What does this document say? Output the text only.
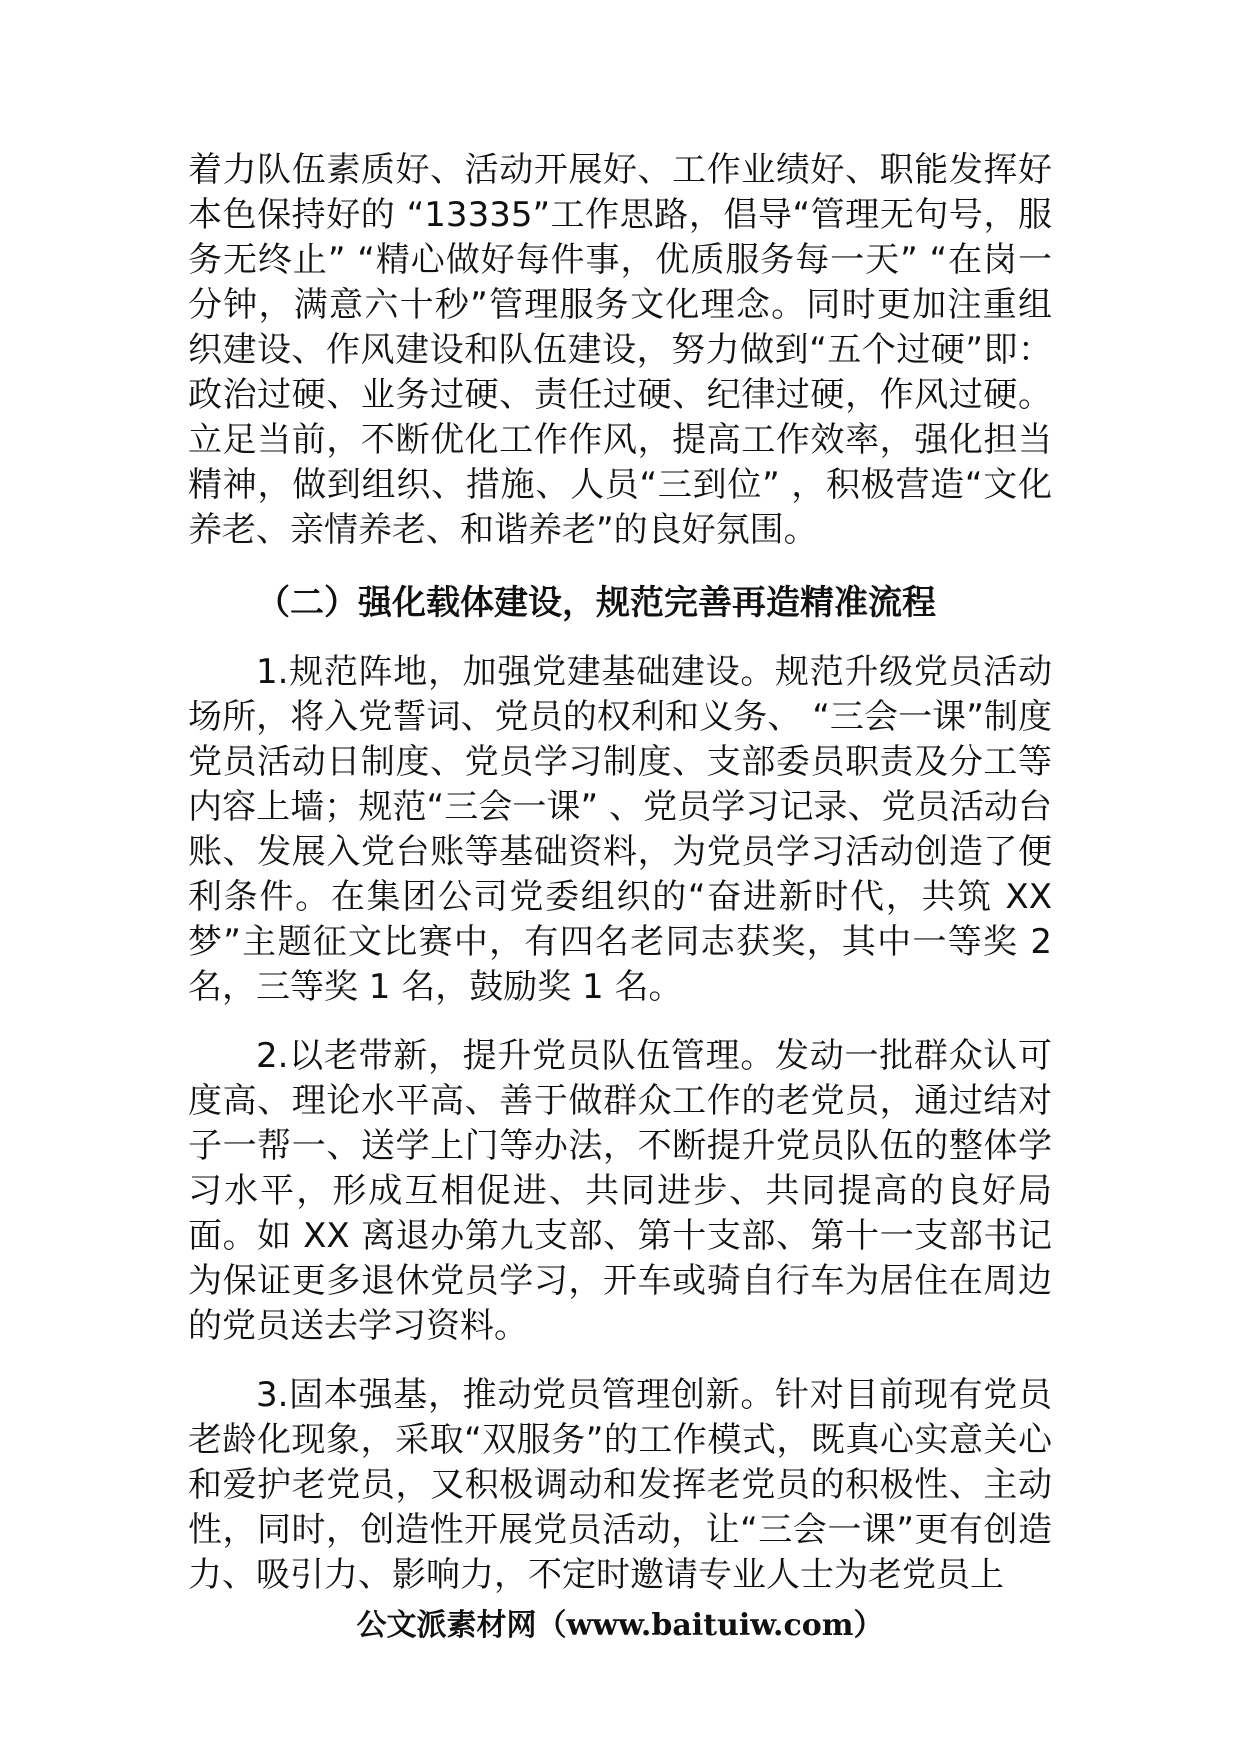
着力队伍素质好、活动开展好、工作业绩好、职能发挥好本色保持好的 “13335”工作思路，倡导“管理无句号，服务无终止” “精心做好每件事，优质服务每一天” “在岗一分钟，满意六十秒”管理服务文化理念。同时更加注重组织建设、作风建设和队伍建设，努力做到“五个过硬”即：政治过硬、业务过硬、责任过硬、纪律过硬，作风过硬。立足当前，不断优化工作作风，提高工作效率，强化担当精神，做到组织、措施、人员“三到位” ，积极营造“文化养老、亲情养老、和谐养老”的良好氛围。

（二）强化载体建设，规范完善再造精准流程

1.规范阵地，加强党建基础建设。规范升级党员活动场所，将入党誓词、党员的权利和义务、 “三会一课”制度党员活动日制度、党员学习制度、支部委员职责及分工等内容上墙；规范“三会一课” 、党员学习记录、党员活动台账、发展入党台账等基础资料，为党员学习活动创造了便利条件。在集团公司党委组织的“奋进新时代，共筑 XX 梦”主题征文比赛中，有四名老同志获奖，其中一等奖 2 名，三等奖 1 名，鼓励奖 1 名。

2.以老带新，提升党员队伍管理。发动一批群众认可度高、理论水平高、善于做群众工作的老党员，通过结对子一帮一、送学上门等办法，不断提升党员队伍的整体学习水平，形成互相促进、共同进步、共同提高的良好局面。如 XX 离退办第九支部、第十支部、第十一支部书记为保证更多退休党员学习，开车或骑自行车为居住在周边的党员送去学习资料。

3.固本强基，推动党员管理创新。针对目前现有党员老龄化现象，采取“双服务”的工作模式，既真心实意关心和爱护老党员，又积极调动和发挥老党员的积极性、主动性，同时，创造性开展党员活动，让“三会一课”更有创造力、吸引力、影响力，不定时邀请专业人士为老党员上

公文派素材网（www.baituiw.com）
